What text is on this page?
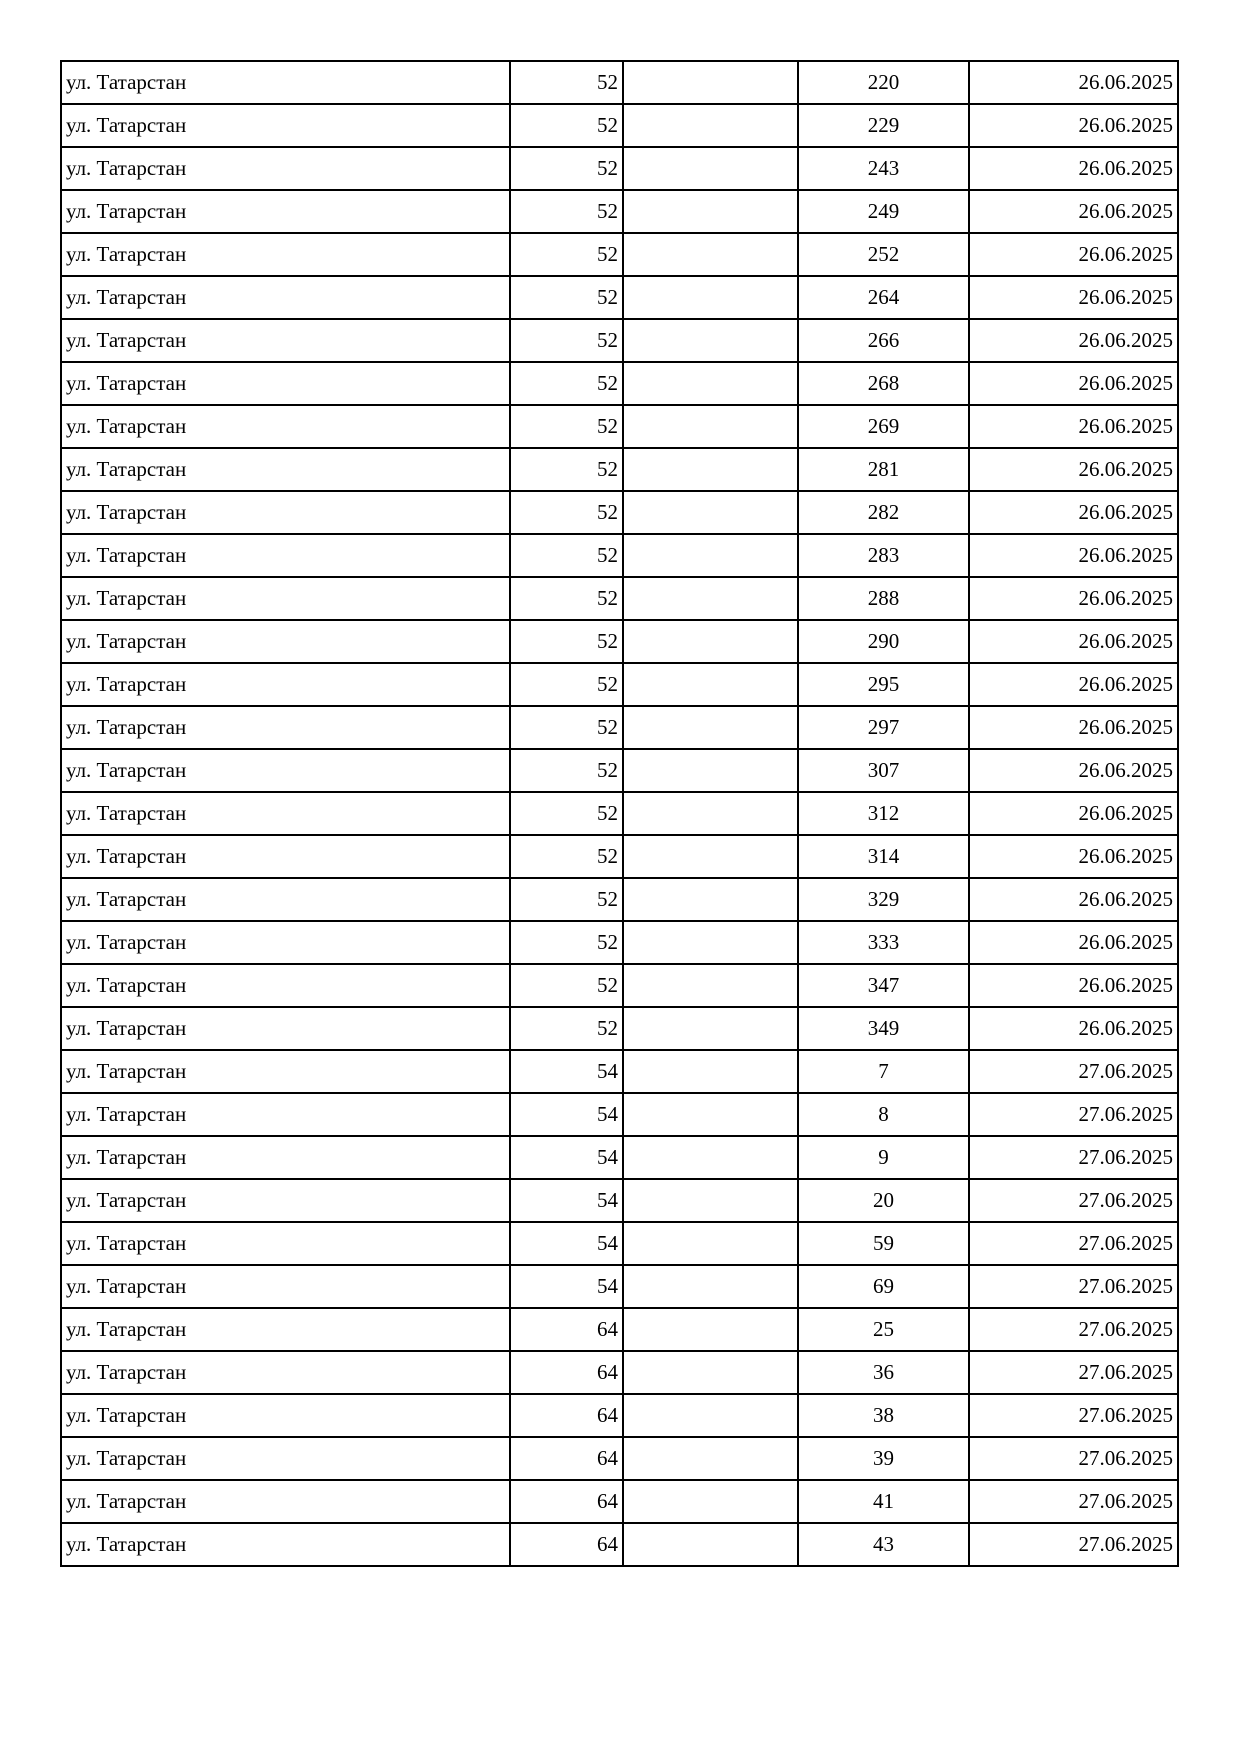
ул. Татарстан	52		220	26.06.2025
ул. Татарстан	52		229	26.06.2025
ул. Татарстан	52		243	26.06.2025
ул. Татарстан	52		249	26.06.2025
ул. Татарстан	52		252	26.06.2025
ул. Татарстан	52		264	26.06.2025
ул. Татарстан	52		266	26.06.2025
ул. Татарстан	52		268	26.06.2025
ул. Татарстан	52		269	26.06.2025
ул. Татарстан	52		281	26.06.2025
ул. Татарстан	52		282	26.06.2025
ул. Татарстан	52		283	26.06.2025
ул. Татарстан	52		288	26.06.2025
ул. Татарстан	52		290	26.06.2025
ул. Татарстан	52		295	26.06.2025
ул. Татарстан	52		297	26.06.2025
ул. Татарстан	52		307	26.06.2025
ул. Татарстан	52		312	26.06.2025
ул. Татарстан	52		314	26.06.2025
ул. Татарстан	52		329	26.06.2025
ул. Татарстан	52		333	26.06.2025
ул. Татарстан	52		347	26.06.2025
ул. Татарстан	52		349	26.06.2025
ул. Татарстан	54		7	27.06.2025
ул. Татарстан	54		8	27.06.2025
ул. Татарстан	54		9	27.06.2025
ул. Татарстан	54		20	27.06.2025
ул. Татарстан	54		59	27.06.2025
ул. Татарстан	54		69	27.06.2025
ул. Татарстан	64		25	27.06.2025
ул. Татарстан	64		36	27.06.2025
ул. Татарстан	64		38	27.06.2025
ул. Татарстан	64		39	27.06.2025
ул. Татарстан	64		41	27.06.2025
ул. Татарстан	64		43	27.06.2025
